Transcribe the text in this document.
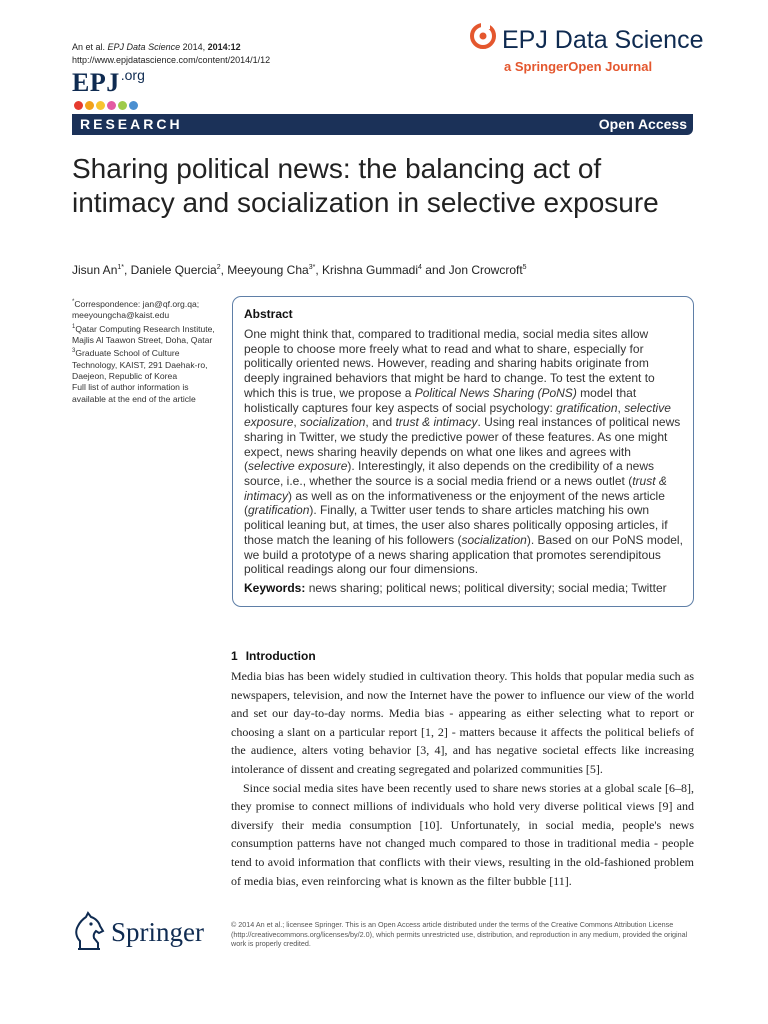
An et al. EPJ Data Science 2014, 2014:12
http://www.epjdatascience.com/content/2014/1/12
EPJ.org
EPJ Data Science
a SpringerOpen Journal
RESEARCH	Open Access
Sharing political news: the balancing act of intimacy and socialization in selective exposure
Jisun $An^{1*}$, Daniele Quercia$^2$, Meeyoung Cha$^{3*}$, Krishna Gummadi$^4$ and Jon Crowcroft$^5$

*Correspondence: jan@qf.org.qa; meeyoungcha@kaist.edu

$^1$Qatar Computing Research Institute, Majlis Al Taawon Street, Doha, Qatar

$^3$Graduate School of Culture Technology, KAIST, 291 Daehak-ro, Daejeon, Republic of Korea

Full list of author information is available at the end of the article

Abstract
One might think that, compared to traditional media, social media sites allow people to choose more freely what to read and what to share, especially for politically oriented news. However, reading and sharing habits originate from deeply ingrained behaviors that might be hard to change. To test the extent to which this is true, we propose a Political News Sharing (PoNS) model that holistically captures four key aspects of social psychology: gratification, selective exposure, socialization, and trust & intimacy. Using real instances of political news sharing in Twitter, we study the predictive power of these features. As one might expect, news sharing heavily depends on what one likes and agrees with (selective exposure). Interestingly, it also depends on the credibility of a news source, i.e., whether the source is a social media friend or a news outlet (trust & intimacy) as well as on the informativeness or the enjoyment of the news article (gratification). Finally, a Twitter user tends to share articles matching his own political leaning but, at times, the user also shares politically opposing articles, if those match the leaning of his followers (socialization). Based on our PoNS model, we build a prototype of a news sharing application that promotes serendipitous political readings along our four dimensions.
Keywords: news sharing; political news; political diversity; social media; Twitter
1 Introduction

Media bias has been widely studied in cultivation theory. This holds that popular media such as newspapers, television, and now the Internet have the power to influence our view of the world and set our day-to-day norms. Media bias - appearing as either selecting what to report or choosing a slant on a particular report [1, 2] - matters because it affects the political beliefs of the audience, alters voting behavior [3, 4], and has negative societal effects like increasing intolerance of dissent and creating segregated and polarized communities [5].

Since social media sites have been recently used to share news stories at a global scale [6–8], they promise to connect millions of individuals who hold very diverse political views [9] and diversify their media consumption [10]. Unfortunately, in social media, people's news consumption patterns have not changed much compared to those in traditional media - people tend to avoid information that conflicts with their views, resulting in the old-fashioned problem of media bias, even reinforcing what is known as the filter bubble [11].

Springer	© 2014 An et al.; licensee Springer. This is an Open Access article distributed under the terms of the Creative Commons Attribution License (http://creativecommons.org/licenses/by/2.0), which permits unrestricted use, distribution, and reproduction in any medium, provided the original work is properly credited.
